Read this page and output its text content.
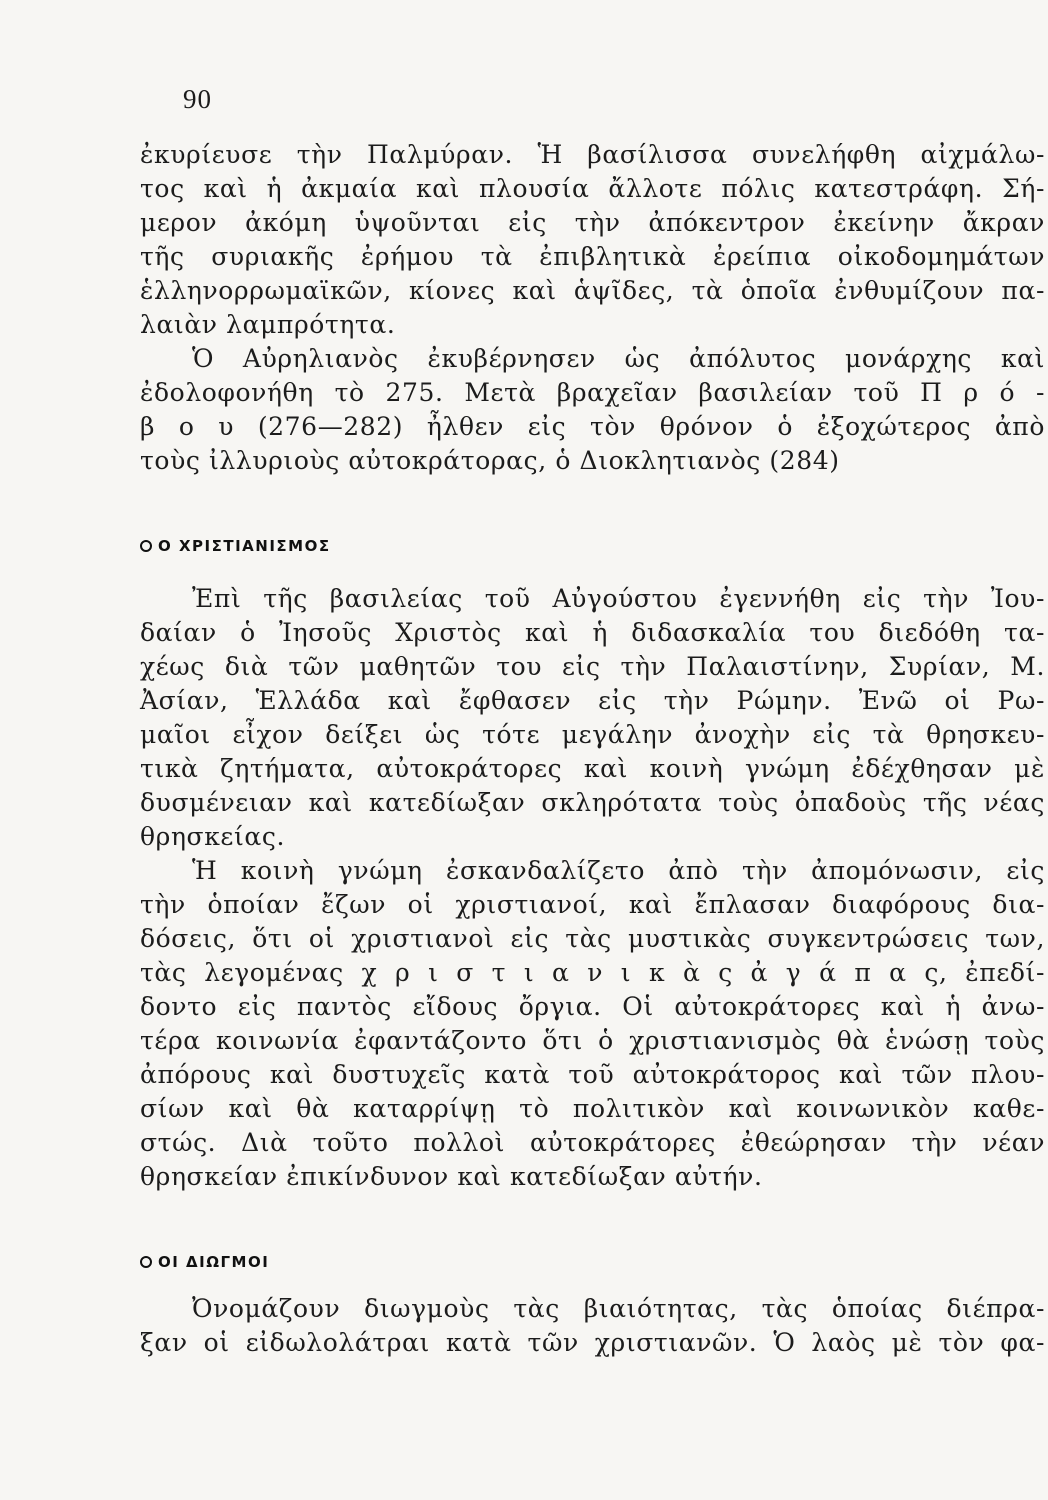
90
ἐκυρίευσε τὴν Παλμύραν. Ἡ βασίλισσα συνελήφθη αἰχμάλω-
τος καὶ ἡ ἀκμαία καὶ πλουσία ἄλλοτε πόλις κατεστράφη. Σή-
μερον ἀκόμη ὑψοῦνται εἰς τὴν ἀπόκεντρον ἐκείνην ἄκραν
τῆς συριακῆς ἐρήμου τὰ ἐπιβλητικὰ ἐρείπια οἰκοδομημάτων
ἑλληνορρωμαϊκῶν, κίονες καὶ ἁψῖδες, τὰ ὁποῖα ἐνθυμίζουν πα-
λαιὰν λαμπρότητα.
Ὁ Αὐρηλιανὸς ἐκυβέρνησεν ὡς ἀπόλυτος μονάρχης καὶ
ἐδολοφονήθη τὸ 275. Μετὰ βραχεῖαν βασιλείαν τοῦ Π ρ ό -
β ο υ (276—282) ἦλθεν εἰς τὸν θρόνον ὁ ἐξοχώτερος ἀπὸ
τοὺς ἰλλυριοὺς αὐτοκράτορας, ὁ Διοκλητιανὸς (284)
Ο ΧΡΙΣΤΙΑΝΙΣΜΟΣ
Ἐπὶ τῆς βασιλείας τοῦ Αὐγούστου ἐγεννήθη εἰς τὴν Ἰου-
δαίαν ὁ Ἰησοῦς Χριστὸς καὶ ἡ διδασκαλία του διεδόθη τα-
χέως διὰ τῶν μαθητῶν του εἰς τὴν Παλαιστίνην, Συρίαν, Μ.
Ἀσίαν, Ἑλλάδα καὶ ἔφθασεν εἰς τὴν Ρώμην. Ἐνῶ οἱ Ρω-
μαῖοι εἶχον δείξει ὡς τότε μεγάλην ἀνοχὴν εἰς τὰ θρησκευ-
τικὰ ζητήματα, αὐτοκράτορες καὶ κοινὴ γνώμη ἐδέχθησαν μὲ
δυσμένειαν καὶ κατεδίωξαν σκληρότατα τοὺς ὀπαδοὺς τῆς νέας
θρησκείας.
Ἡ κοινὴ γνώμη ἐσκανδαλίζετο ἀπὸ τὴν ἀπομόνωσιν, εἰς
τὴν ὁποίαν ἔζων οἱ χριστιανοί, καὶ ἔπλασαν διαφόρους δια-
δόσεις, ὅτι οἱ χριστιανοὶ εἰς τὰς μυστικὰς συγκεντρώσεις των,
τὰς λεγομένας χ ρ ι σ τ ι α ν ι κ ὰ ς ἀ γ ά π α ς, ἐπεδί-
δοντο εἰς παντὸς εἴδους ὄργια. Οἱ αὐτοκράτορες καὶ ἡ ἀνω-
τέρα κοινωνία ἐφαντάζοντο ὅτι ὁ χριστιανισμὸς θὰ ἑνώσῃ τοὺς
ἀπόρους καὶ δυστυχεῖς κατὰ τοῦ αὐτοκράτορος καὶ τῶν πλου-
σίων καὶ θὰ καταρρίψῃ τὸ πολιτικὸν καὶ κοινωνικὸν καθε-
στώς. Διὰ τοῦτο πολλοὶ αὐτοκράτορες ἐθεώρησαν τὴν νέαν
θρησκείαν ἐπικίνδυνον καὶ κατεδίωξαν αὐτήν.
ΟΙ ΔΙΩΓΜΟΙ
Ὀνομάζουν διωγμοὺς τὰς βιαιότητας, τὰς ὁποίας διέπρα-
ξαν οἱ εἰδωλολάτραι κατὰ τῶν χριστιανῶν. Ὁ λαὸς μὲ τὸν φα-
